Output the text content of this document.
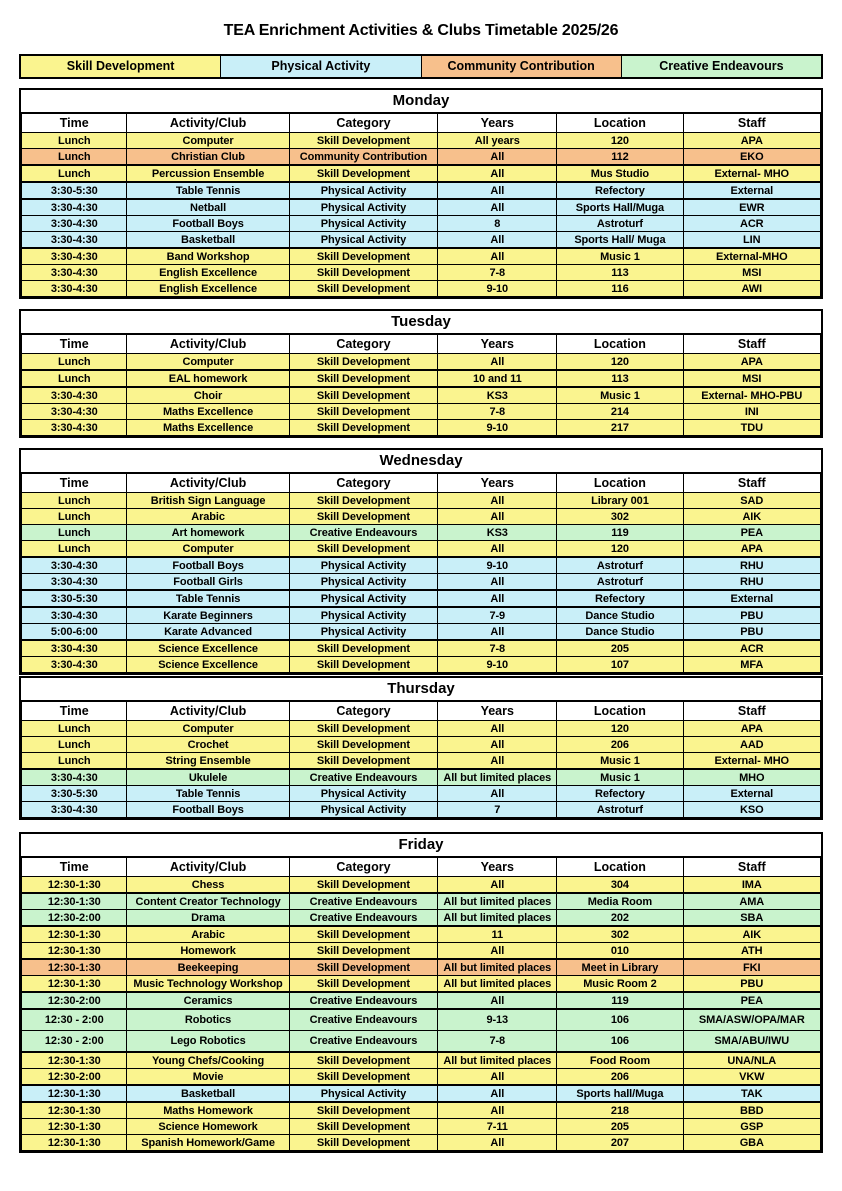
TEA Enrichment Activities & Clubs Timetable 2025/26
Skill Development	Physical Activity	Community Contribution	Creative Endeavours
Monday
Time	Activity/Club	Category	Years	Location	Staff
Lunch	Computer	Skill Development	All years	120	APA
Lunch	Christian Club	Community Contribution	All	112	EKO
Lunch	Percussion Ensemble	Skill Development	All	Mus Studio	External- MHO
3:30-5:30	Table Tennis	Physical Activity	All	Refectory	External
3:30-4:30	Netball	Physical Activity	All	Sports Hall/Muga	EWR
3:30-4:30	Football Boys	Physical Activity	8	Astroturf	ACR
3:30-4:30	Basketball	Physical Activity	All	Sports Hall/ Muga	LIN
3:30-4:30	Band Workshop	Skill Development	All	Music 1	External-MHO
3:30-4:30	English Excellence	Skill Development	7-8	113	MSI
3:30-4:30	English Excellence	Skill Development	9-10	116	AWI
Tuesday
Time	Activity/Club	Category	Years	Location	Staff
Lunch	Computer	Skill Development	All	120	APA
Lunch	EAL homework	Skill Development	10 and 11	113	MSI
3:30-4:30	Choir	Skill Development	KS3	Music 1	External- MHO-PBU
3:30-4:30	Maths Excellence	Skill Development	7-8	214	INI
3:30-4:30	Maths Excellence	Skill Development	9-10	217	TDU
Wednesday
Time	Activity/Club	Category	Years	Location	Staff
Lunch	British Sign Language	Skill Development	All	Library 001	SAD
Lunch	Arabic	Skill Development	All	302	AIK
Lunch	Art homework	Creative Endeavours	KS3	119	PEA
Lunch	Computer	Skill Development	All	120	APA
3:30-4:30	Football Boys	Physical Activity	9-10	Astroturf	RHU
3:30-4:30	Football Girls	Physical Activity	All	Astroturf	RHU
3:30-5:30	Table Tennis	Physical Activity	All	Refectory	External
3:30-4:30	Karate Beginners	Physical Activity	7-9	Dance Studio	PBU
5:00-6:00	Karate Advanced	Physical Activity	All	Dance Studio	PBU
3:30-4:30	Science Excellence	Skill Development	7-8	205	ACR
3:30-4:30	Science Excellence	Skill Development	9-10	107	MFA
Thursday
Time	Activity/Club	Category	Years	Location	Staff
Lunch	Computer	Skill Development	All	120	APA
Lunch	Crochet	Skill Development	All	206	AAD
Lunch	String Ensemble	Skill Development	All	Music 1	External- MHO
3:30-4:30	Ukulele	Creative Endeavours	All but limited places	Music 1	MHO
3:30-5:30	Table Tennis	Physical Activity	All	Refectory	External
3:30-4:30	Football Boys	Physical Activity	7	Astroturf	KSO
Friday
Time	Activity/Club	Category	Years	Location	Staff
12:30-1:30	Chess	Skill Development	All	304	IMA
12:30-1:30	Content Creator Technology	Creative Endeavours	All but limited places	Media Room	AMA
12:30-2:00	Drama	Creative Endeavours	All but limited places	202	SBA
12:30-1:30	Arabic	Skill Development	11	302	AIK
12:30-1:30	Homework	Skill Development	All	010	ATH
12:30-1:30	Beekeeping	Skill Development	All but limited places	Meet in Library	FKI
12:30-1:30	Music Technology Workshop	Skill Development	All but limited places	Music Room 2	PBU
12:30-2:00	Ceramics	Creative Endeavours	All	119	PEA
12:30 - 2:00	Robotics	Creative Endeavours	9-13	106	SMA/ASW/OPA/MAR
12:30 - 2:00	Lego Robotics	Creative Endeavours	7-8	106	SMA/ABU/IWU
12:30-1:30	Young Chefs/Cooking	Skill Development	All but limited places	Food Room	UNA/NLA
12:30-2:00	Movie	Skill Development	All	206	VKW
12:30-1:30	Basketball	Physical Activity	All	Sports hall/Muga	TAK
12:30-1:30	Maths Homework	Skill Development	All	218	BBD
12:30-1:30	Science Homework	Skill Development	7-11	205	GSP
12:30-1:30	Spanish Homework/Game	Skill Development	All	207	GBA
